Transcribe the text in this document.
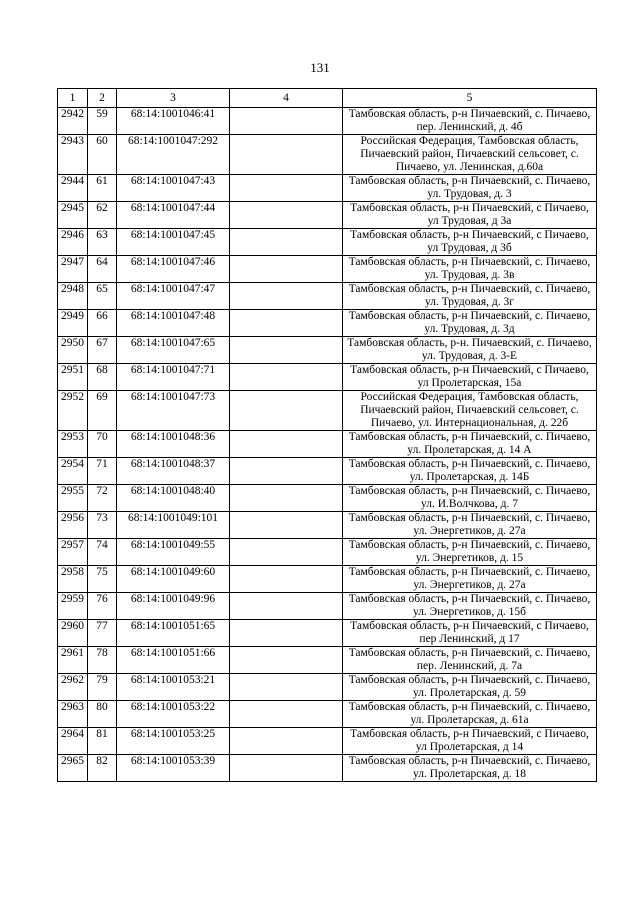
131
1	2	3	4	5
2942	59	68:14:1001046:41		Тамбовская область, р-н Пичаевский, с. Пичаево, пер. Ленинский, д. 4б
2943	60	68:14:1001047:292		Российская Федерация, Тамбовская область, Пичаевский район, Пичаевский сельсовет, с. Пичаево, ул. Ленинская, д.60а
2944	61	68:14:1001047:43		Тамбовская область, р-н Пичаевский, с. Пичаево, ул. Трудовая, д. 3
2945	62	68:14:1001047:44		Тамбовская область, р-н Пичаевский, с Пичаево, ул Трудовая, д 3а
2946	63	68:14:1001047:45		Тамбовская область, р-н Пичаевский, с Пичаево, ул Трудовая, д 3б
2947	64	68:14:1001047:46		Тамбовская область, р-н Пичаевский, с. Пичаево, ул. Трудовая, д. 3в
2948	65	68:14:1001047:47		Тамбовская область, р-н Пичаевский, с. Пичаево, ул. Трудовая, д. 3г
2949	66	68:14:1001047:48		Тамбовская область, р-н Пичаевский, с. Пичаево, ул. Трудовая, д. 3д
2950	67	68:14:1001047:65		Тамбовская область, р-н. Пичаевский, с. Пичаево, ул. Трудовая, д. 3-Е
2951	68	68:14:1001047:71		Тамбовская область, р-н Пичаевский, с Пичаево, ул Пролетарская, 15а
2952	69	68:14:1001047:73		Российская Федерация, Тамбовская область, Пичаевский район, Пичаевский сельсовет, с. Пичаево, ул. Интернациональная, д. 22б
2953	70	68:14:1001048:36		Тамбовская область, р-н Пичаевский, с. Пичаево, ул. Пролетарская, д. 14 А
2954	71	68:14:1001048:37		Тамбовская область, р-н Пичаевский, с. Пичаево, ул. Пролетарская, д. 14Б
2955	72	68:14:1001048:40		Тамбовская область, р-н Пичаевский, с. Пичаево, ул. И.Волчкова, д. 7
2956	73	68:14:1001049:101		Тамбовская область, р-н Пичаевский, с. Пичаево, ул. Энергетиков, д. 27а
2957	74	68:14:1001049:55		Тамбовская область, р-н Пичаевский, с. Пичаево, ул. Энергетиков, д. 15
2958	75	68:14:1001049:60		Тамбовская область, р-н Пичаевский, с. Пичаево, ул. Энергетиков, д. 27а
2959	76	68:14:1001049:96		Тамбовская область, р-н Пичаевский, с. Пичаево, ул. Энергетиков, д. 15б
2960	77	68:14:1001051:65		Тамбовская область, р-н Пичаевский, с Пичаево, пер Ленинский, д 17
2961	78	68:14:1001051:66		Тамбовская область, р-н Пичаевский, с. Пичаево, пер. Ленинский, д. 7а
2962	79	68:14:1001053:21		Тамбовская область, р-н Пичаевский, с. Пичаево, ул. Пролетарская, д. 59
2963	80	68:14:1001053:22		Тамбовская область, р-н Пичаевский, с. Пичаево, ул. Пролетарская, д. 61а
2964	81	68:14:1001053:25		Тамбовская область, р-н Пичаевский, с Пичаево, ул Пролетарская, д 14
2965	82	68:14:1001053:39		Тамбовская область, р-н Пичаевский, с. Пичаево, ул. Пролетарская, д. 18
